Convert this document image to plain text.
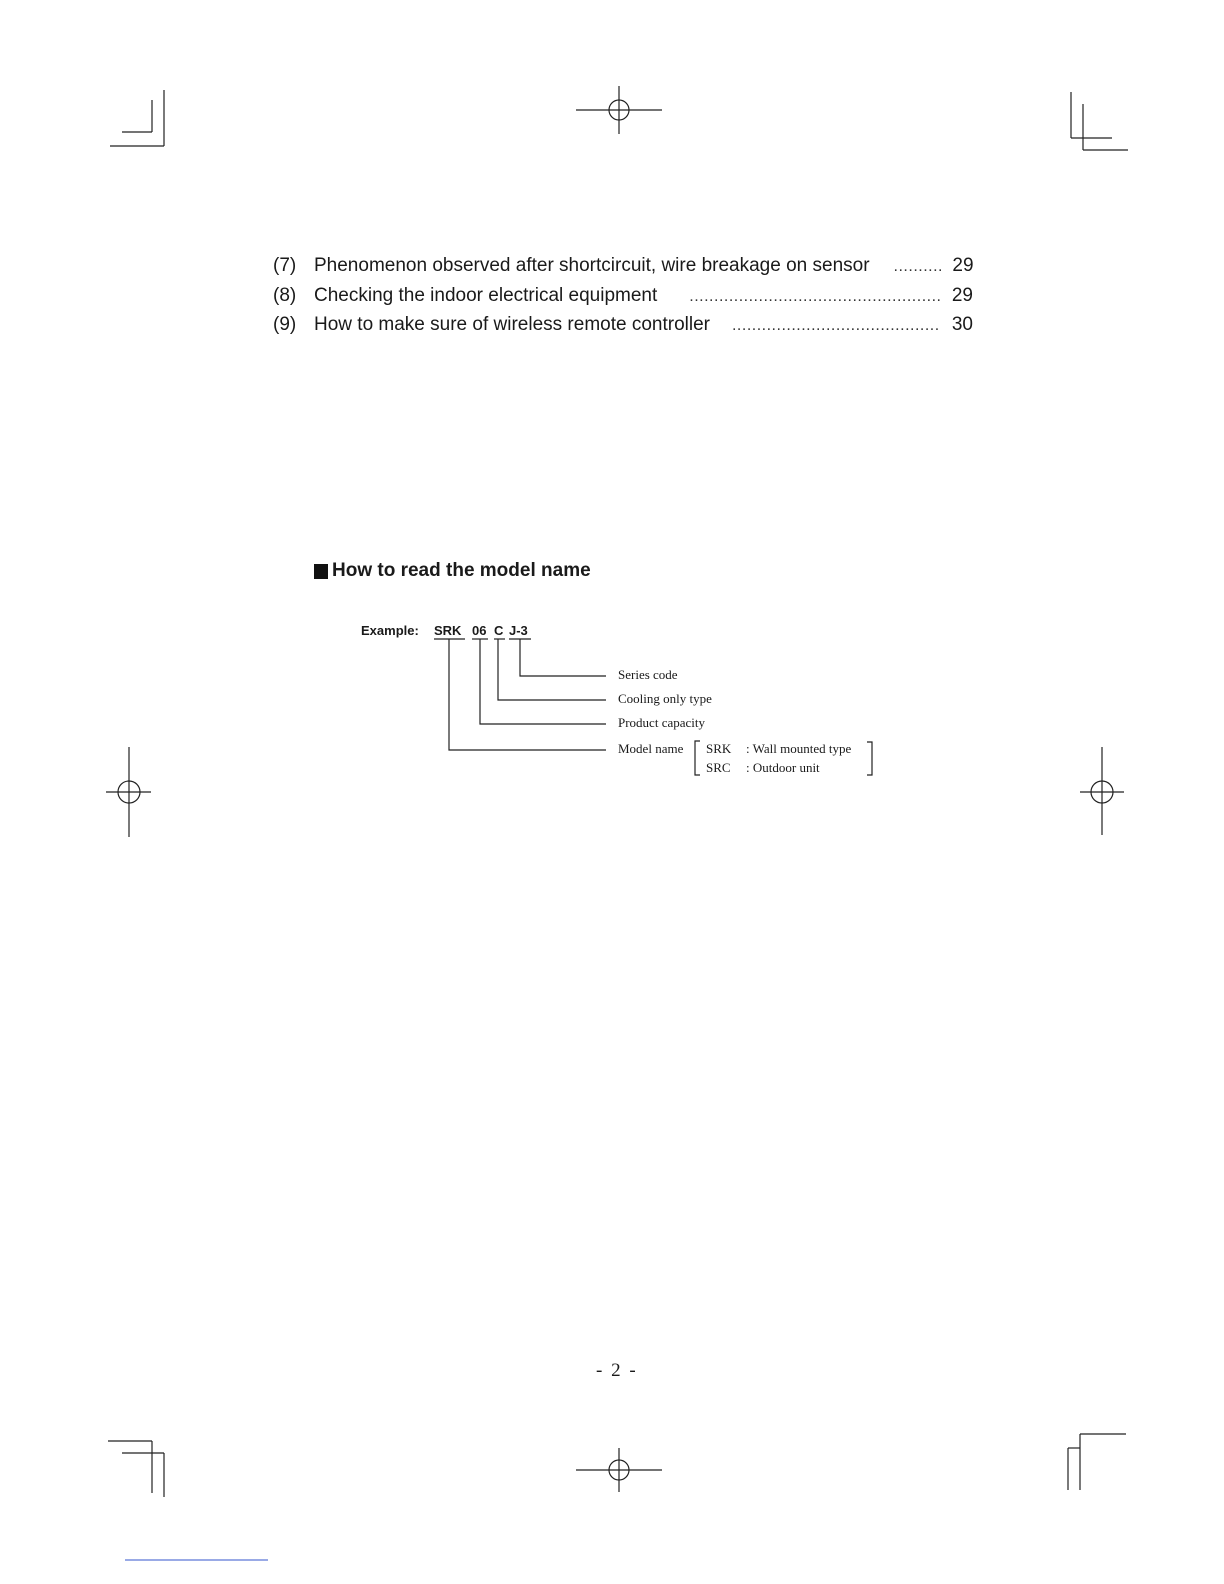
(7) Phenomenon observed after shortcircuit, wire breakage on sensor .....	29
(8) Checking the indoor electrical equipment .....	29
(9) How to make sure of wireless remote controller .....	30
How to read the model name
Example: SRK 06 C J-3
Series code
Cooling only type
Product capacity
Model name SRK : Wall mounted type
SRC : Outdoor unit
- 2 -
